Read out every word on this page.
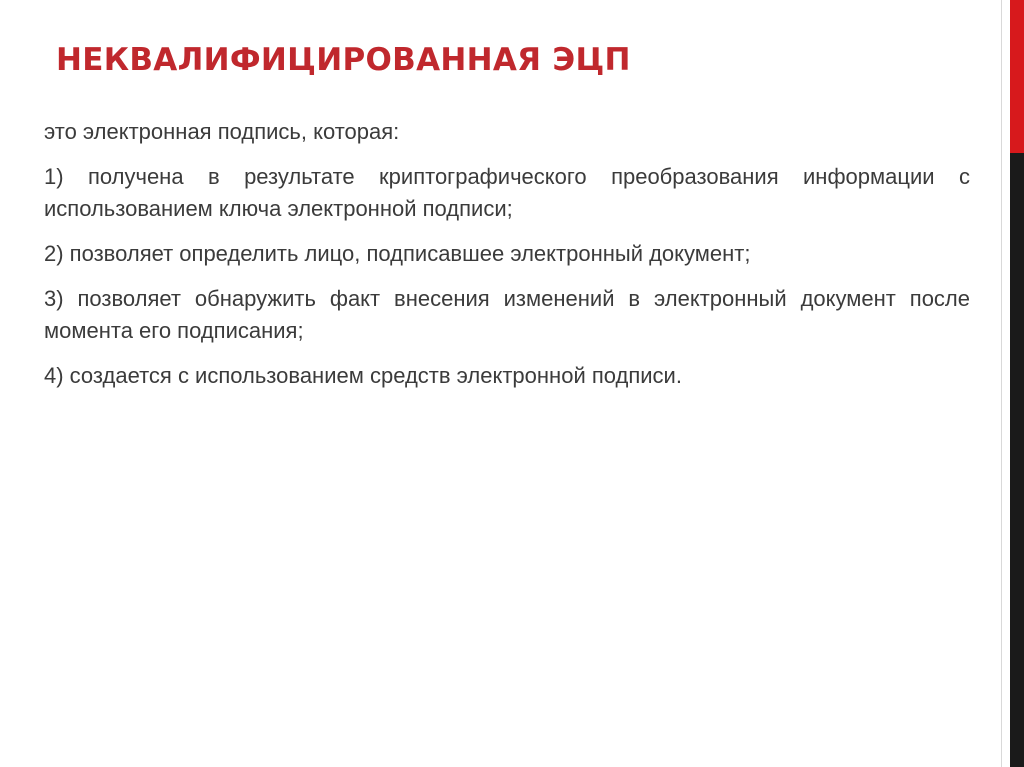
НЕКВАЛИФИЦИРОВАННАЯ ЭЦП

это электронная подпись, которая:

1) получена в результате криптографического преобразования информации с использованием ключа электронной подписи;

2) позволяет определить лицо, подписавшее электронный документ;

3) позволяет обнаружить факт внесения изменений в электронный документ после момента его подписания;

4) создается с использованием средств электронной подписи.
